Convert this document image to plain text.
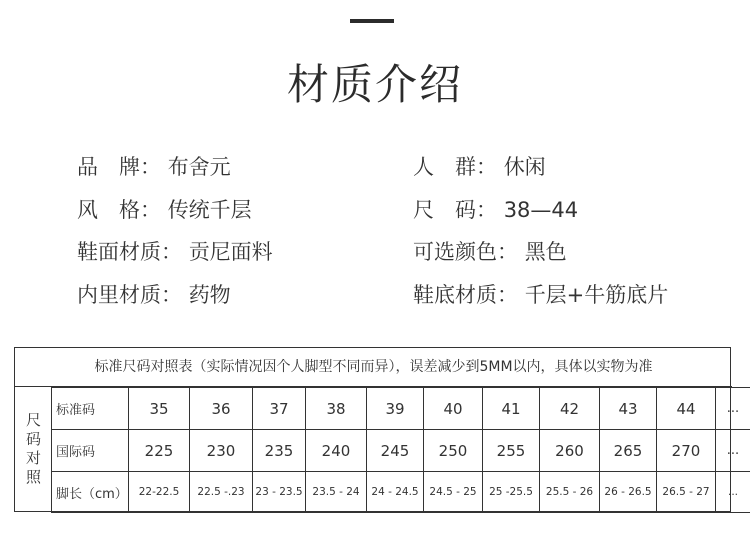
材质介绍
品　牌： 布舍元	人　群： 休闲
风　格： 传统千层	尺　码： 38—44
鞋面材质： 贡尼面料	可选颜色： 黑色
内里材质： 药物	鞋底材质： 千层+牛筋底片
标准尺码对照表（实际情况因个人脚型不同而异），误差减少到5MM以内，具体以实物为准
尺
码
对
照
标准码	35	36	37	38	39	40	41	42	43	44	...
国际码	225	230	235	240	245	250	255	260	265	270	...
脚长（cm）	22-22.5	22.5 -.23	23 - 23.5	23.5 - 24	24 - 24.5	24.5 - 25	25 -25.5	25.5 - 26	26 - 26.5	26.5 - 27	...
